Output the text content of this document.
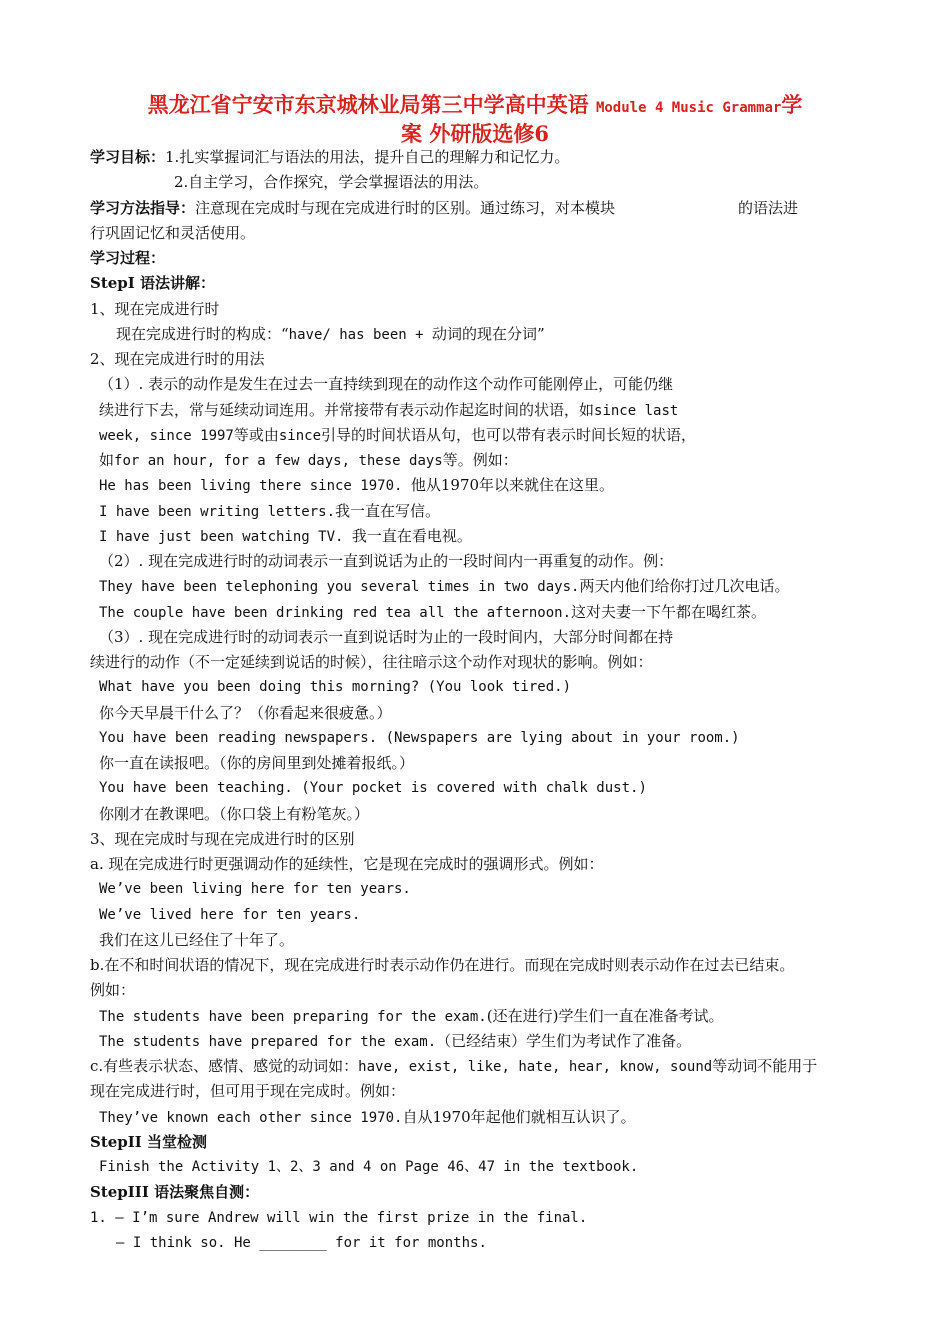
黑龙江省宁安市东京城林业局第三中学高中英语 Module 4 Music Grammar学
案 外研版选修6
学习目标：1.扎实掌握词汇与语法的用法，提升自己的理解力和记忆力。
2.自主学习，合作探究，学会掌握语法的用法。
学习方法指导：注意现在完成时与现在完成进行时的区别。通过练习，对本模块	的语法进
行巩固记忆和灵活使用。
学习过程：
StepI 语法讲解：
1、现在完成进行时
现在完成进行时的构成：“have/ has been + 动词的现在分词”
2、现在完成进行时的用法
（1）. 表示的动作是发生在过去一直持续到现在的动作这个动作可能刚停止，可能仍继
续进行下去，常与延续动词连用。并常接带有表示动作起迄时间的状语，如since last
week, since 1997等或由since引导的时间状语从句，也可以带有表示时间长短的状语，
如for an hour, for a few days, these days等。例如：
He has been living there since 1970. 他从1970年以来就住在这里。
I have been writing letters.我一直在写信。
I have just been watching TV. 我一直在看电视。
（2）. 现在完成进行时的动词表示一直到说话为止的一段时间内一再重复的动作。例：
They have been telephoning you several times in two days.两天内他们给你打过几次电话。
The couple have been drinking red tea all the afternoon.这对夫妻一下午都在喝红茶。
（3）. 现在完成进行时的动词表示一直到说话时为止的一段时间内，大部分时间都在持
续进行的动作（不一定延续到说话的时候），往往暗示这个动作对现状的影响。例如：
What have you been doing this morning? (You look tired.)
你今天早晨干什么了？（你看起来很疲惫。）
You have been reading newspapers. (Newspapers are lying about in your room.)
你一直在读报吧。（你的房间里到处摊着报纸。）
You have been teaching. (Your pocket is covered with chalk dust.)
你刚才在教课吧。（你口袋上有粉笔灰。）
3、现在完成时与现在完成进行时的区别
a. 现在完成进行时更强调动作的延续性，它是现在完成时的强调形式。例如：
We’ve been living here for ten years.
We’ve lived here for ten years.
我们在这儿已经住了十年了。
b.在不和时间状语的情况下，现在完成进行时表示动作仍在进行。而现在完成时则表示动作在过去已结束。
例如：
The students have been preparing for the exam.(还在进行)学生们一直在准备考试。
The students have prepared for the exam.（已经结束）学生们为考试作了准备。
c.有些表示状态、感情、感觉的动词如：have, exist, like, hate, hear, know, sound等动词不能用于
现在完成进行时，但可用于现在完成时。例如：
They’ve known each other since 1970.自从1970年起他们就相互认识了。
StepII 当堂检测
Finish the Activity 1、2、3 and 4 on Page 46、47 in the textbook.
StepIII 语法聚焦自测：
1. — I’m sure Andrew will win the first prize in the final.
— I think so. He ________ for it for months.
